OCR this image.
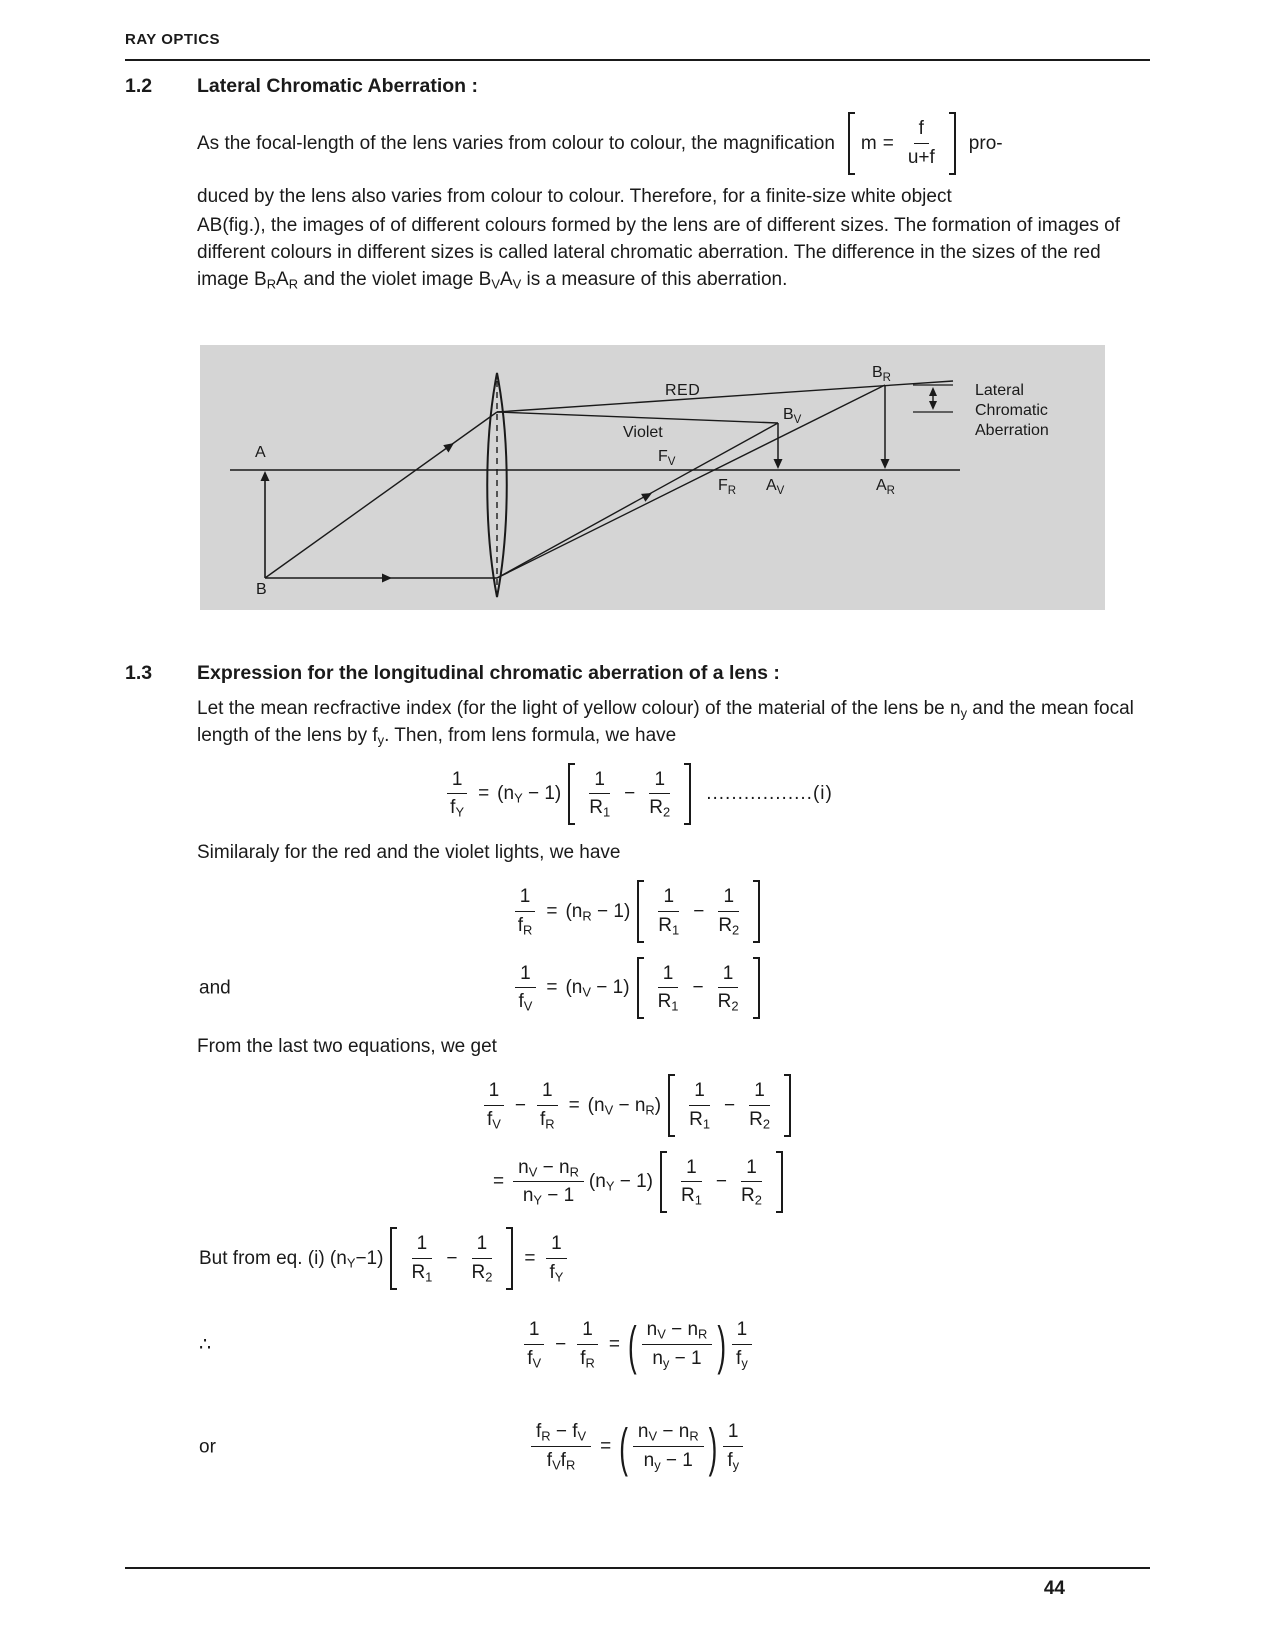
RAY OPTICS
1.2	Lateral Chromatic Aberration :
As the focal-length of the lens varies from colour to colour, the magnification $m = \frac{f}{u+f} pro-$
duced by the lens also varies from colour to colour. Therefore, for a finite-size white object
AB(fig.), the images of of different colours formed by the lens are of different sizes. The formation of images of different colours in different sizes is called lateral chromatic aberration. The difference in the sizes of the red image $B_RA_R$ and the violet image $B_VA_V$ is a measure of this aberration.
A
B
RED
Violet
$F_V$
$F_R$ $A_V$	$A_R$
$B_R$
$B_V$
Lateral
Chromatic
Aberration
1.3	Expression for the longitudinal chromatic aberration of a lens :
Let the mean recfractive index (for the light of yellow colour) of the material of the lens be $n_y$ and the mean focal length of the lens by $f_y$. Then, from lens formula, we have
$\frac{1}{f_Y} = (n_Y - 1) \frac{1}{R_1} - \frac{1}{R_2} .................(i)$
Similaraly for the red and the violet lights, we have
$\frac{1}{f_R} = (n_R - 1) \frac{1}{R_1} - \frac{1}{R_2}$
and	$\frac{1}{f_V} = (n_V - 1) \frac{1}{R_1} - \frac{1}{R_2}$
From the last two equations, we get
$\frac{1}{f_V} - \frac{1}{f_R} = (n_V - n_R) \frac{1}{R_1} - \frac{1}{R_2}$
= $\frac{n_V - n_R}{n_Y - 1} (n_Y - 1) \frac{1}{R_1} - \frac{1}{R_2}$
But from eq. (i) $(n_Y-1) \frac{1}{R_1} - \frac{1}{R_2} = \frac{1}{f_Y}$
∴	$\frac{1}{f_V} - \frac{1}{f_R}$ = ( $\frac{n_V - n_R}{n_y - 1}$ ) $\frac{1}{f_y}$
or	$\frac{f_R - f_V}{f_Vf_R}$ = ( $\frac{n_V - n_R}{n_y - 1}$ ) $\frac{1}{f_y}$
44
